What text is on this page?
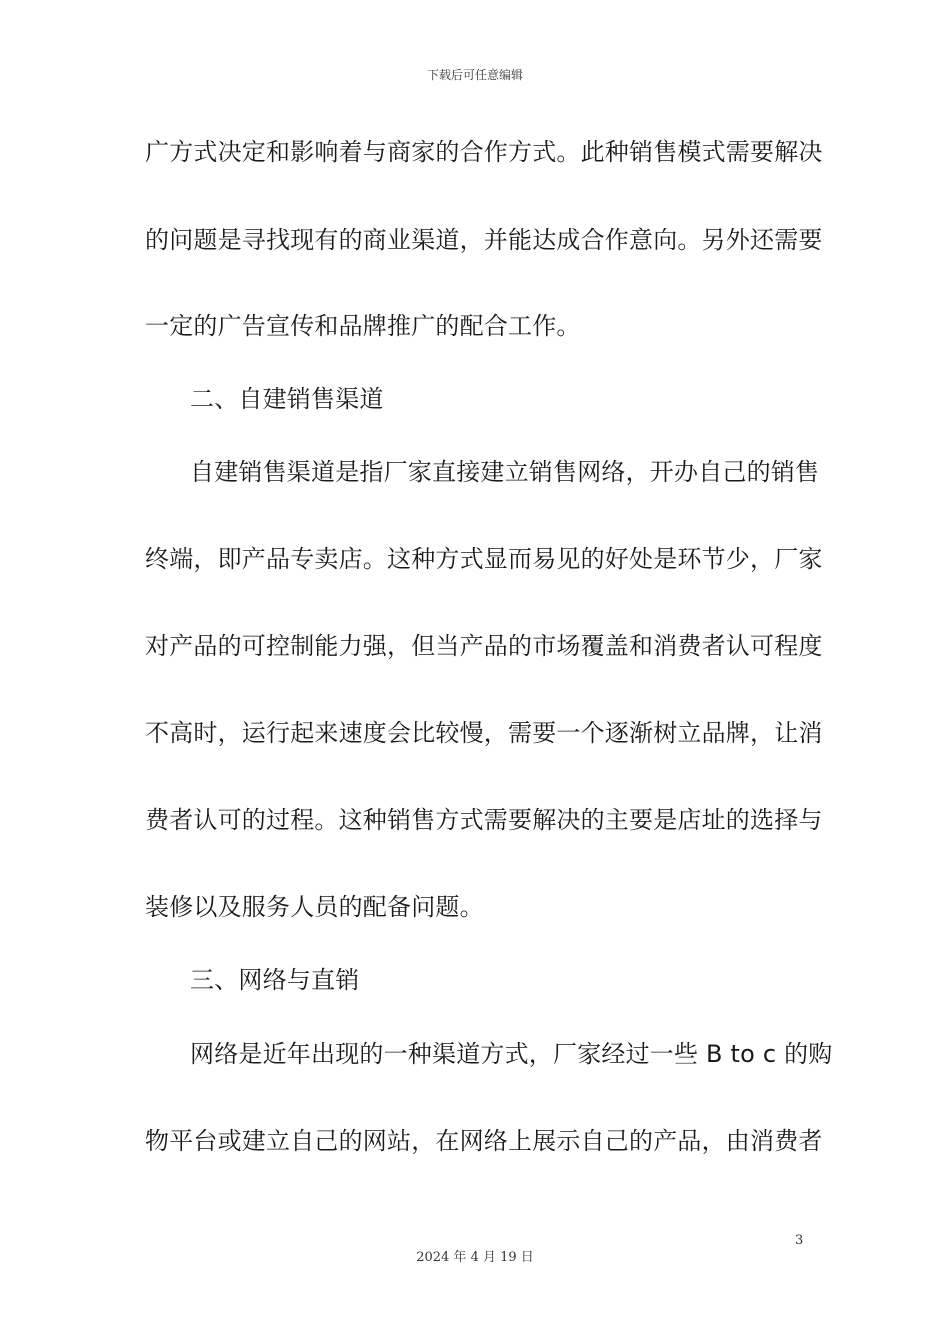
下载后可任意编辑
广方式决定和影响着与商家的合作方式。此种销售模式需要解决
的问题是寻找现有的商业渠道，并能达成合作意向。另外还需要
一定的广告宣传和品牌推广的配合工作。
二、自建销售渠道
自建销售渠道是指厂家直接建立销售网络，开办自己的销售
终端，即产品专卖店。这种方式显而易见的好处是环节少，厂家
对产品的可控制能力强，但当产品的市场覆盖和消费者认可程度
不高时，运行起来速度会比较慢，需要一个逐渐树立品牌，让消
费者认可的过程。这种销售方式需要解决的主要是店址的选择与
装修以及服务人员的配备问题。
三、网络与直销
网络是近年出现的一种渠道方式，厂家经过一些 B to c 的购
物平台或建立自己的网站，在网络上展示自己的产品，由消费者
3
2024 年 4 月 19 日
